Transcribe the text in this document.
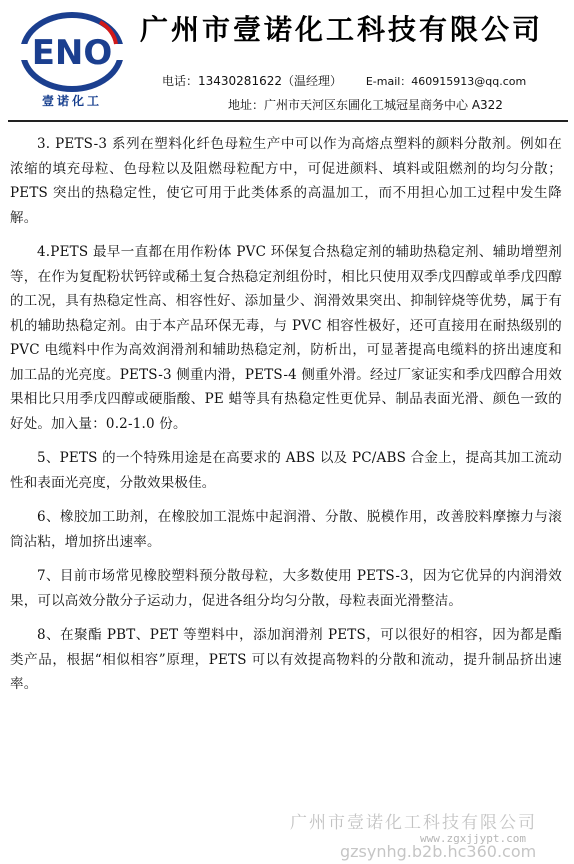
ENO
壹诺化工
广州市壹诺化工科技有限公司
电话：13430281622（温经理） E-mail：460915913@qq.com
地址：广州市天河区东圃化工城冠星商务中心 A322

3. PETS-3 系列在塑料化纤色母粒生产中可以作为高熔点塑料的颜料分散剂。例如在浓缩的填充母粒、色母粒以及阻燃母粒配方中，可促进颜料、填料或阻燃剂的均匀分散； PETS 突出的热稳定性，使它可用于此类体系的高温加工，而不用担心加工过程中发生降解。

4.PETS 最早一直都在用作粉体 PVC 环保复合热稳定剂的辅助热稳定剂、辅助增塑剂等，在作为复配粉状钙锌或稀土复合热稳定剂组份时，相比只使用双季戊四醇或单季戊四醇的工况，具有热稳定性高、相容性好、添加量少、润滑效果突出、抑制锌烧等优势，属于有机的辅助热稳定剂。由于本产品环保无毒，与 PVC 相容性极好，还可直接用在耐热级别的 PVC 电缆料中作为高效润滑剂和辅助热稳定剂，防析出，可显著提高电缆料的挤出速度和加工品的光亮度。PETS-3 侧重内滑，PETS-4 侧重外滑。经过厂家证实和季戊四醇合用效果相比只用季戊四醇或硬脂酸、PE 蜡等具有热稳定性更优异、制品表面光滑、颜色一致的好处。加入量：0.2-1.0 份。

5、PETS 的一个特殊用途是在高要求的 ABS 以及 PC/ABS 合金上，提高其加工流动性和表面光亮度，分散效果极佳。

6、橡胶加工助剂，在橡胶加工混炼中起润滑、分散、脱模作用，改善胶料摩擦力与滚筒沾粘，增加挤出速率。

7、目前市场常见橡胶塑料预分散母粒，大多数使用 PETS-3，因为它优异的内润滑效果，可以高效分散分子运动力，促进各组分均匀分散，母粒表面光滑整洁。

8、在聚酯 PBT、PET 等塑料中，添加润滑剂 PETS，可以很好的相容，因为都是酯类产品，根据“相似相容”原理，PETS 可以有效提高物料的分散和流动，提升制品挤出速率。

广州市壹诺化工科技有限公司
www.zgxjjypt.com
gzsynhg.b2b.hc360.com
